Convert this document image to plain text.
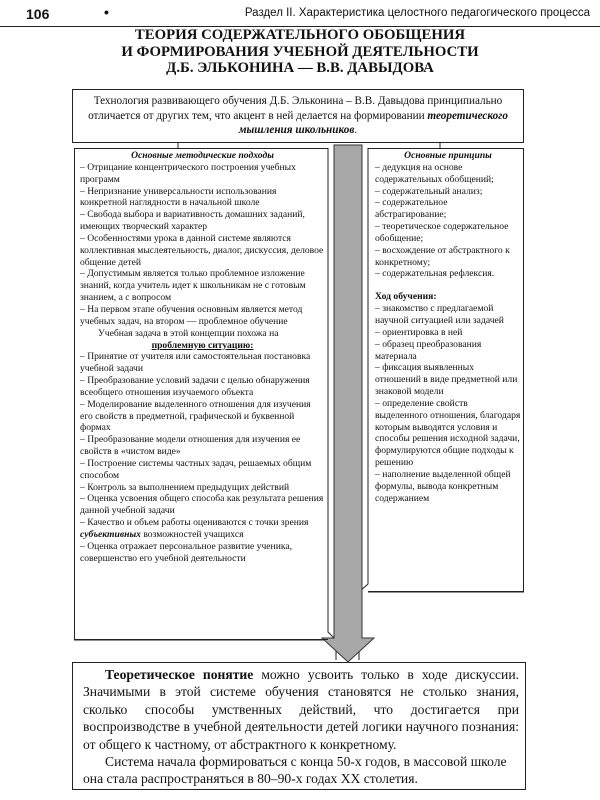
106	•	Раздел II. Характеристика целостного педагогического процесса
ТЕОРИЯ СОДЕРЖАТЕЛЬНОГО ОБОБЩЕНИЯ
И ФОРМИРОВАНИЯ УЧЕБНОЙ ДЕЯТЕЛЬНОСТИ
Д.Б. ЭЛЬКОНИНА — В.В. ДАВЫДОВА
Технология развивающего обучения Д.Б. Эльконина – В.В. Давыдова принципиально отличается от других тем, что акцент в ней делается на формировании теоретического мышления школьников.
Основные методические подходы
– Отрицание концентрического построения учебных программ
– Непризнание универсальности использования конкретной наглядности в начальной школе
– Свобода выбора и вариативность домашних заданий, имеющих творческий характер
– Особенностями урока в данной системе являются коллективная мыслеятельность, диалог, дискуссия, деловое общение детей
– Допустимым является только проблемное изложение знаний, когда учитель идет к школьникам не с готовым знанием, а с вопросом
– На первом этапе обучения основным является метод учебных задач, на втором — проблемное обучение
Учебная задача в этой концепции похожа на
проблемную ситуацию:
– Принятие от учителя или самостоятельная постановка учебной задачи
– Преобразование условий задачи с целью обнаружения всеобщего отношения изучаемого объекта
– Моделирование выделенного отношения для изучения его свойств в предметной, графической и буквенной формах
– Преобразование модели отношения для изучения ее свойств в «чистом виде»
– Построение системы частных задач, решаемых общим способом
– Контроль за выполнением предыдущих действий
– Оценка усвоения общего способа как результата решения данной учебной задачи
– Качество и объем работы оцениваются с точки зрения субъективных возможностей учащихся
– Оценка отражает персональное развитие ученика, совершенство его учебной деятельности
Основные принципы
– дедукция на основе содержательных обобщений;
– содержательный анализ;
– содержательное абстрагирование;
– теоретическое содержательное обобщение;
– восхождение от абстрактного к конкретному;
– содержательная рефлексия.
Ход обучения:
– знакомство с предлагаемой научной ситуацией или задачей
– ориентировка в ней
– образец преобразования материала
– фиксация выявленных отношений в виде предметной или знаковой модели
– определение свойств выделенного отношения, благодаря которым выводятся условия и способы решения исходной задачи, формулируются общие подходы к решению
– наполнение выделенной общей формулы, вывода конкретным содержанием

Теоретическое понятие можно усвоить только в ходе дискуссии. Значимыми в этой системе обучения становятся не столько знания, сколько способы умственных действий, что достигается при воспроизводстве в учебной деятельности детей логики научного познания: от общего к частному, от абстрактного к конкретному.

Система начала формироваться с конца 50-х годов, в массовой школе она стала распространяться в 80–90-х годах XX столетия.
